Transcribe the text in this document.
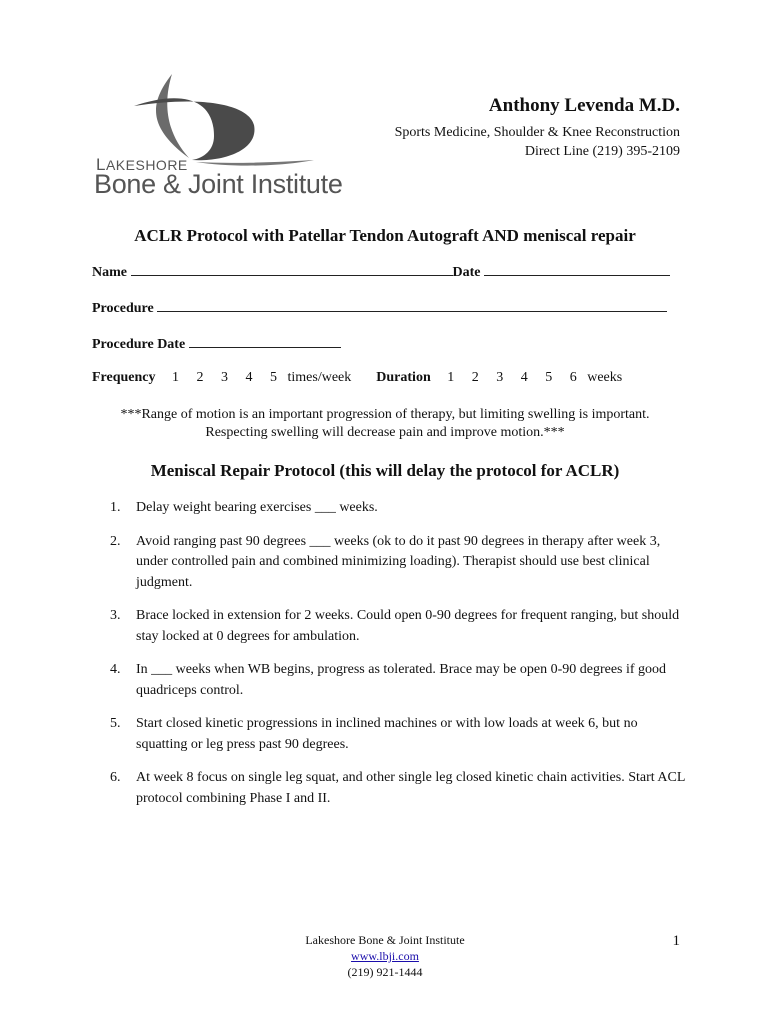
LAKESHORE
Bone & Joint Institute
Anthony Levenda M.D.
Sports Medicine, Shoulder & Knee Reconstruction
Direct Line (219) 395-2109
ACLR Protocol with Patellar Tendon Autograft AND meniscal repair
Name	Date
Procedure
Procedure Date
Frequency 1 2 3 4 5 times/week Duration 1 2 3 4 5 6 weeks
***Range of motion is an important progression of therapy, but limiting swelling is important.
Respecting swelling will decrease pain and improve motion.***
Meniscal Repair Protocol (this will delay the protocol for ACLR)
1. Delay weight bearing exercises ___ weeks.
2. Avoid ranging past 90 degrees ___ weeks (ok to do it past 90 degrees in therapy after week 3, under controlled pain and combined minimizing loading). Therapist should use best clinical judgment.
3. Brace locked in extension for 2 weeks. Could open 0-90 degrees for frequent ranging, but should stay locked at 0 degrees for ambulation.
4. In ___ weeks when WB begins, progress as tolerated. Brace may be open 0-90 degrees if good quadriceps control.
5. Start closed kinetic progressions in inclined machines or with low loads at week 6, but no squatting or leg press past 90 degrees.
6. At week 8 focus on single leg squat, and other single leg closed kinetic chain activities. Start ACL protocol combining Phase I and II.
Lakeshore Bone & Joint Institute
www.lbji.com
(219) 921-1444
1
